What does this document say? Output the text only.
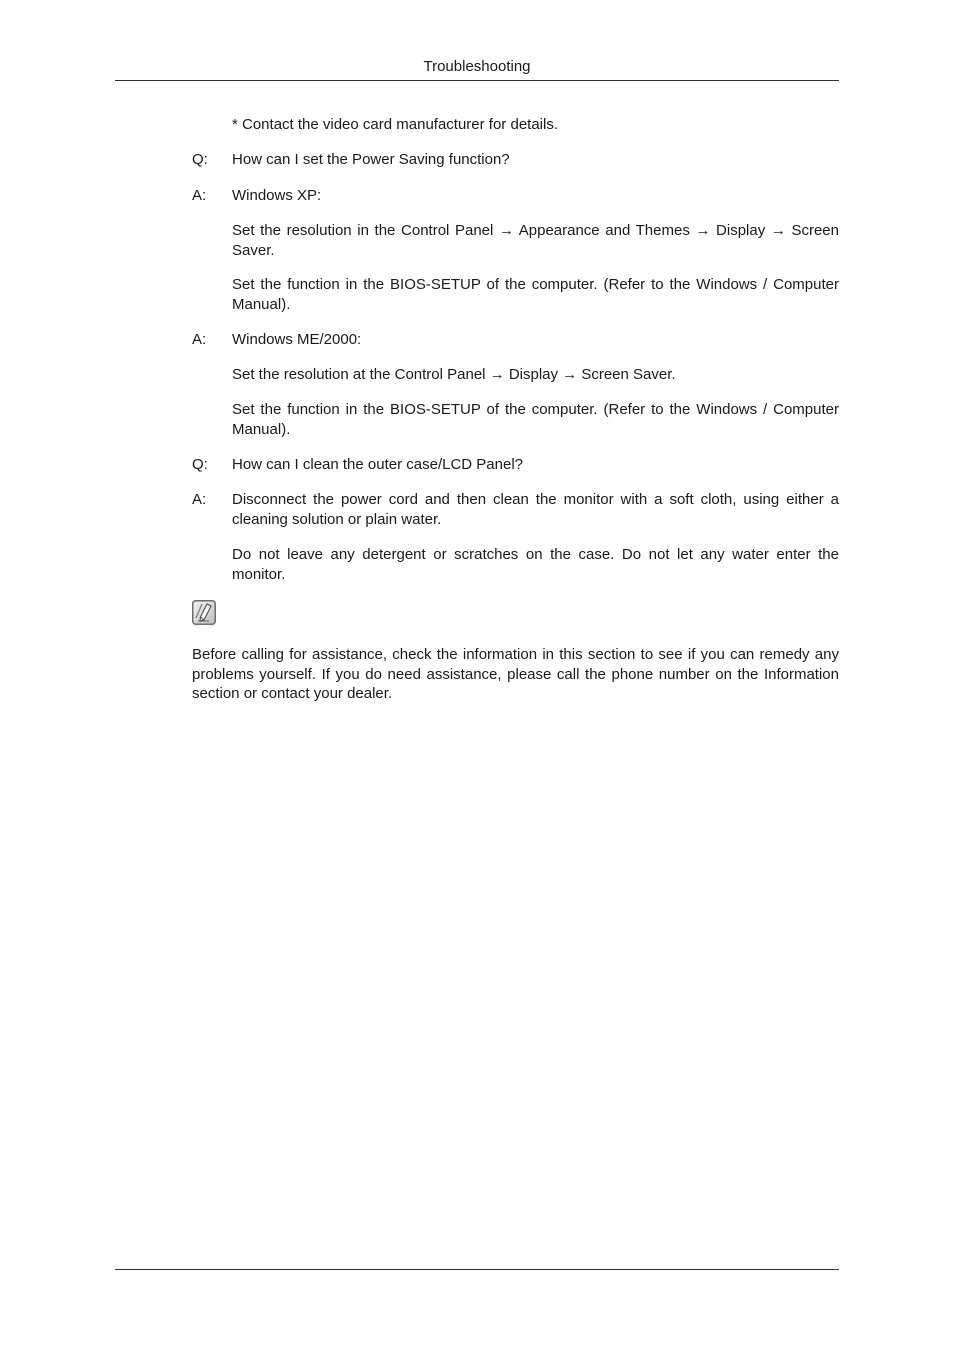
Troubleshooting

* Contact the video card manufacturer for details.

Q:	How can I set the Power Saving function?

A:	Windows XP:

Set the resolution in the Control Panel → Appearance and Themes → Display → Screen Saver.

Set the function in the BIOS-SETUP of the computer. (Refer to the Windows / Computer Manual).

A:	Windows ME/2000:

Set the resolution at the Control Panel → Display → Screen Saver.

Set the function in the BIOS-SETUP of the computer. (Refer to the Windows / Computer Manual).

Q:	How can I clean the outer case/LCD Panel?

A:	Disconnect the power cord and then clean the monitor with a soft cloth, using either a cleaning solution or plain water.

Do not leave any detergent or scratches on the case. Do not let any water enter the monitor.

Before calling for assistance, check the information in this section to see if you can remedy any problems yourself. If you do need assistance, please call the phone number on the Information section or contact your dealer.
